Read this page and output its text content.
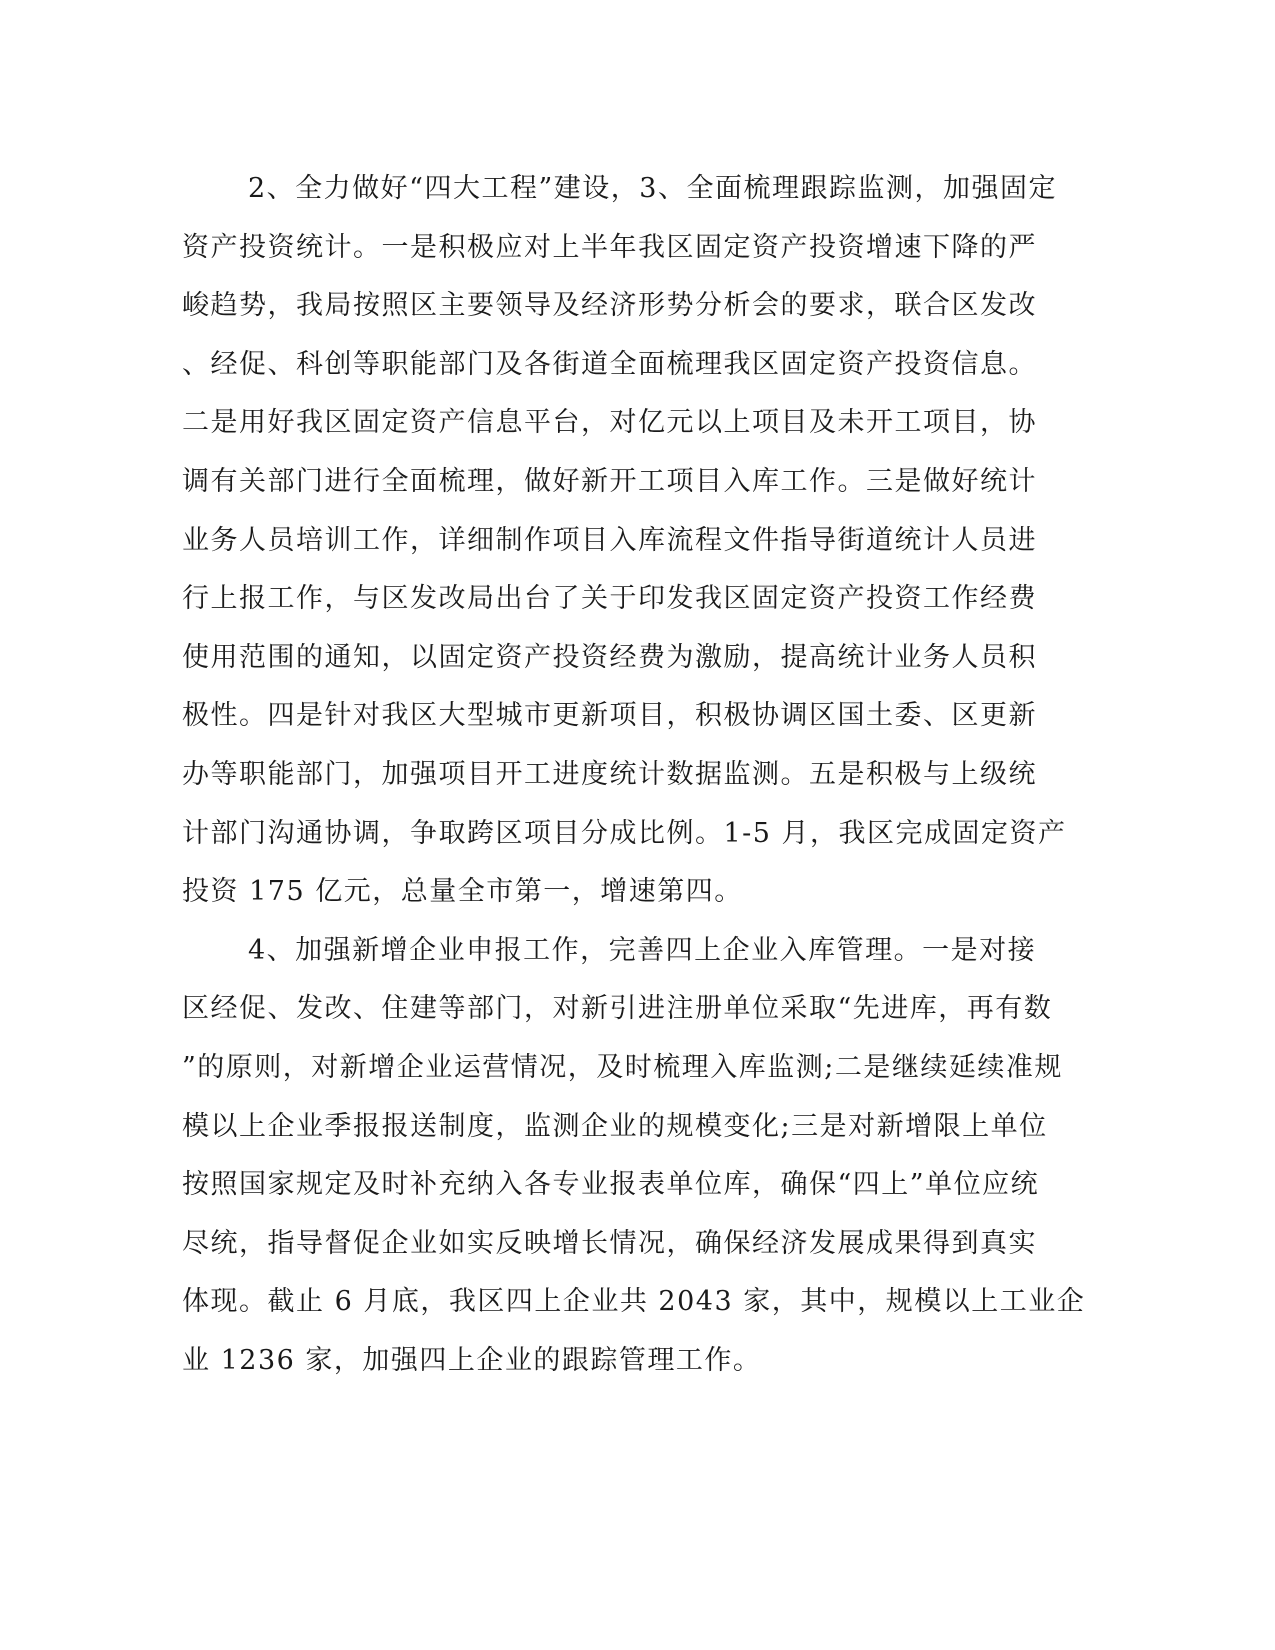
2、全力做好“四大工程”建设，3、全面梳理跟踪监测，加强固定
资产投资统计。一是积极应对上半年我区固定资产投资增速下降的严
峻趋势，我局按照区主要领导及经济形势分析会的要求，联合区发改
、经促、科创等职能部门及各街道全面梳理我区固定资产投资信息。
二是用好我区固定资产信息平台，对亿元以上项目及未开工项目，协
调有关部门进行全面梳理，做好新开工项目入库工作。三是做好统计
业务人员培训工作，详细制作项目入库流程文件指导街道统计人员进
行上报工作，与区发改局出台了关于印发我区固定资产投资工作经费
使用范围的通知，以固定资产投资经费为激励，提高统计业务人员积
极性。四是针对我区大型城市更新项目，积极协调区国土委、区更新
办等职能部门，加强项目开工进度统计数据监测。五是积极与上级统
计部门沟通协调，争取跨区项目分成比例。1-5 月，我区完成固定资产
投资 175 亿元，总量全市第一，增速第四。

4、加强新增企业申报工作，完善四上企业入库管理。一是对接
区经促、发改、住建等部门，对新引进注册单位采取“先进库，再有数
”的原则，对新增企业运营情况，及时梳理入库监测;二是继续延续准规
模以上企业季报报送制度，监测企业的规模变化;三是对新增限上单位
按照国家规定及时补充纳入各专业报表单位库，确保“四上”单位应统
尽统，指导督促企业如实反映增长情况，确保经济发展成果得到真实
体现。截止 6 月底，我区四上企业共 2043 家，其中，规模以上工业企
业 1236 家，加强四上企业的跟踪管理工作。
